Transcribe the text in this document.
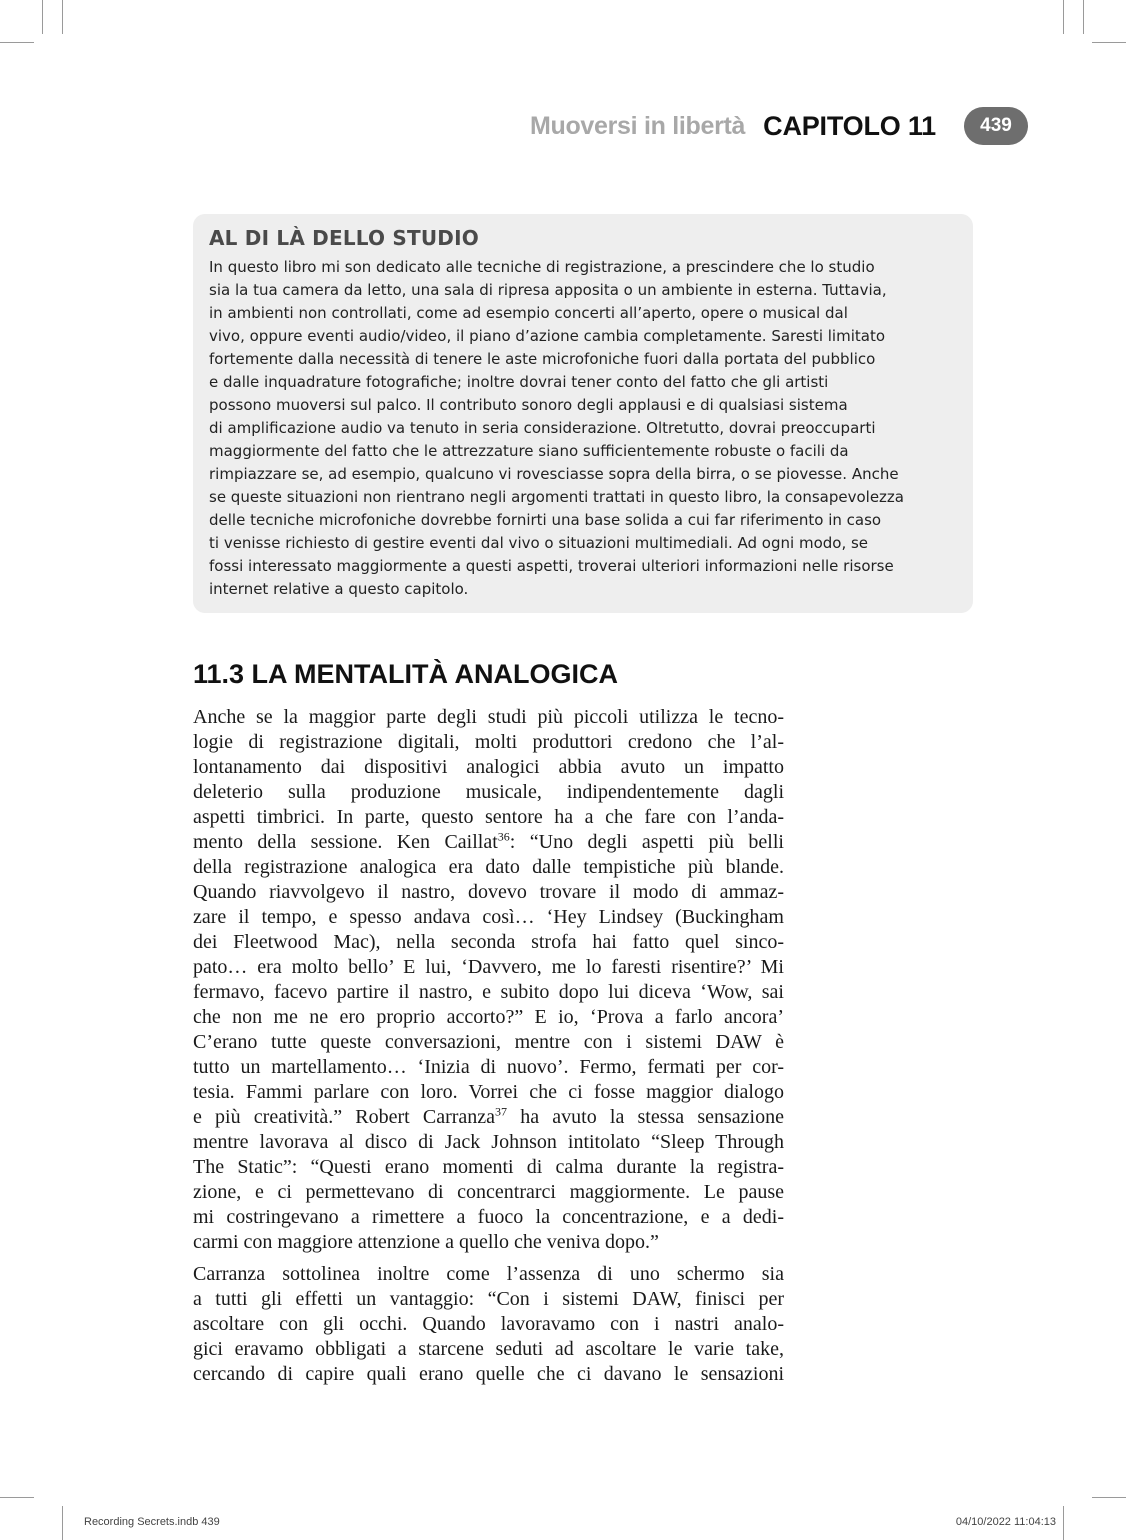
Muoversi in libertà CAPITOLO 11	439
AL DI LÀ DELLO STUDIO
In questo libro mi son dedicato alle tecniche di registrazione, a prescindere che lo studio
sia la tua camera da letto, una sala di ripresa apposita o un ambiente in esterna. Tuttavia,
in ambienti non controllati, come ad esempio concerti all’aperto, opere o musical dal
vivo, oppure eventi audio/video, il piano d’azione cambia completamente. Saresti limitato
fortemente dalla necessità di tenere le aste microfoniche fuori dalla portata del pubblico
e dalle inquadrature fotografiche; inoltre dovrai tener conto del fatto che gli artisti
possono muoversi sul palco. Il contributo sonoro degli applausi e di qualsiasi sistema
di amplificazione audio va tenuto in seria considerazione. Oltretutto, dovrai preoccuparti
maggiormente del fatto che le attrezzature siano sufficientemente robuste o facili da
rimpiazzare se, ad esempio, qualcuno vi rovesciasse sopra della birra, o se piovesse. Anche
se queste situazioni non rientrano negli argomenti trattati in questo libro, la consapevolezza
delle tecniche microfoniche dovrebbe fornirti una base solida a cui far riferimento in caso
ti venisse richiesto di gestire eventi dal vivo o situazioni multimediali. Ad ogni modo, se
fossi interessato maggiormente a questi aspetti, troverai ulteriori informazioni nelle risorse
internet relative a questo capitolo.
11.3 LA MENTALITÀ ANALOGICA
Anche se la maggior parte degli studi più piccoli utilizza le tecno-
logie di registrazione digitali, molti produttori credono che l’al-
lontanamento dai dispositivi analogici abbia avuto un impatto
deleterio sulla produzione musicale, indipendentemente dagli
aspetti timbrici. In parte, questo sentore ha a che fare con l’anda-
mento della sessione. Ken Caillat$^{36}$: “Uno degli aspetti più belli
della registrazione analogica era dato dalle tempistiche più blande.
Quando riavvolgevo il nastro, dovevo trovare il modo di ammaz-
zare il tempo, e spesso andava così… ‘Hey Lindsey (Buckingham
dei Fleetwood Mac), nella seconda strofa hai fatto quel sinco-
pato… era molto bello’ E lui, ‘Davvero, me lo faresti risentire?’ Mi
fermavo, facevo partire il nastro, e subito dopo lui diceva ‘Wow, sai
che non me ne ero proprio accorto?” E io, ‘Prova a farlo ancora’
C’erano tutte queste conversazioni, mentre con i sistemi DAW è
tutto un martellamento… ‘Inizia di nuovo’. Fermo, fermati per cor-
tesia. Fammi parlare con loro. Vorrei che ci fosse maggior dialogo
e più creatività.” Robert Carranza$^{37}$ ha avuto la stessa sensazione
mentre lavorava al disco di Jack Johnson intitolato “Sleep Through
The Static”: “Questi erano momenti di calma durante la registra-
zione, e ci permettevano di concentrarci maggiormente. Le pause
mi costringevano a rimettere a fuoco la concentrazione, e a dedi-
carmi con maggiore attenzione a quello che veniva dopo.”
Carranza sottolinea inoltre come l’assenza di uno schermo sia
a tutti gli effetti un vantaggio: “Con i sistemi DAW, finisci per
ascoltare con gli occhi. Quando lavoravamo con i nastri analo-
gici eravamo obbligati a starcene seduti ad ascoltare le varie take,
cercando di capire quali erano quelle che ci davano le sensazioni
Recording Secrets.indb 439	04/10/2022 11:04:13
